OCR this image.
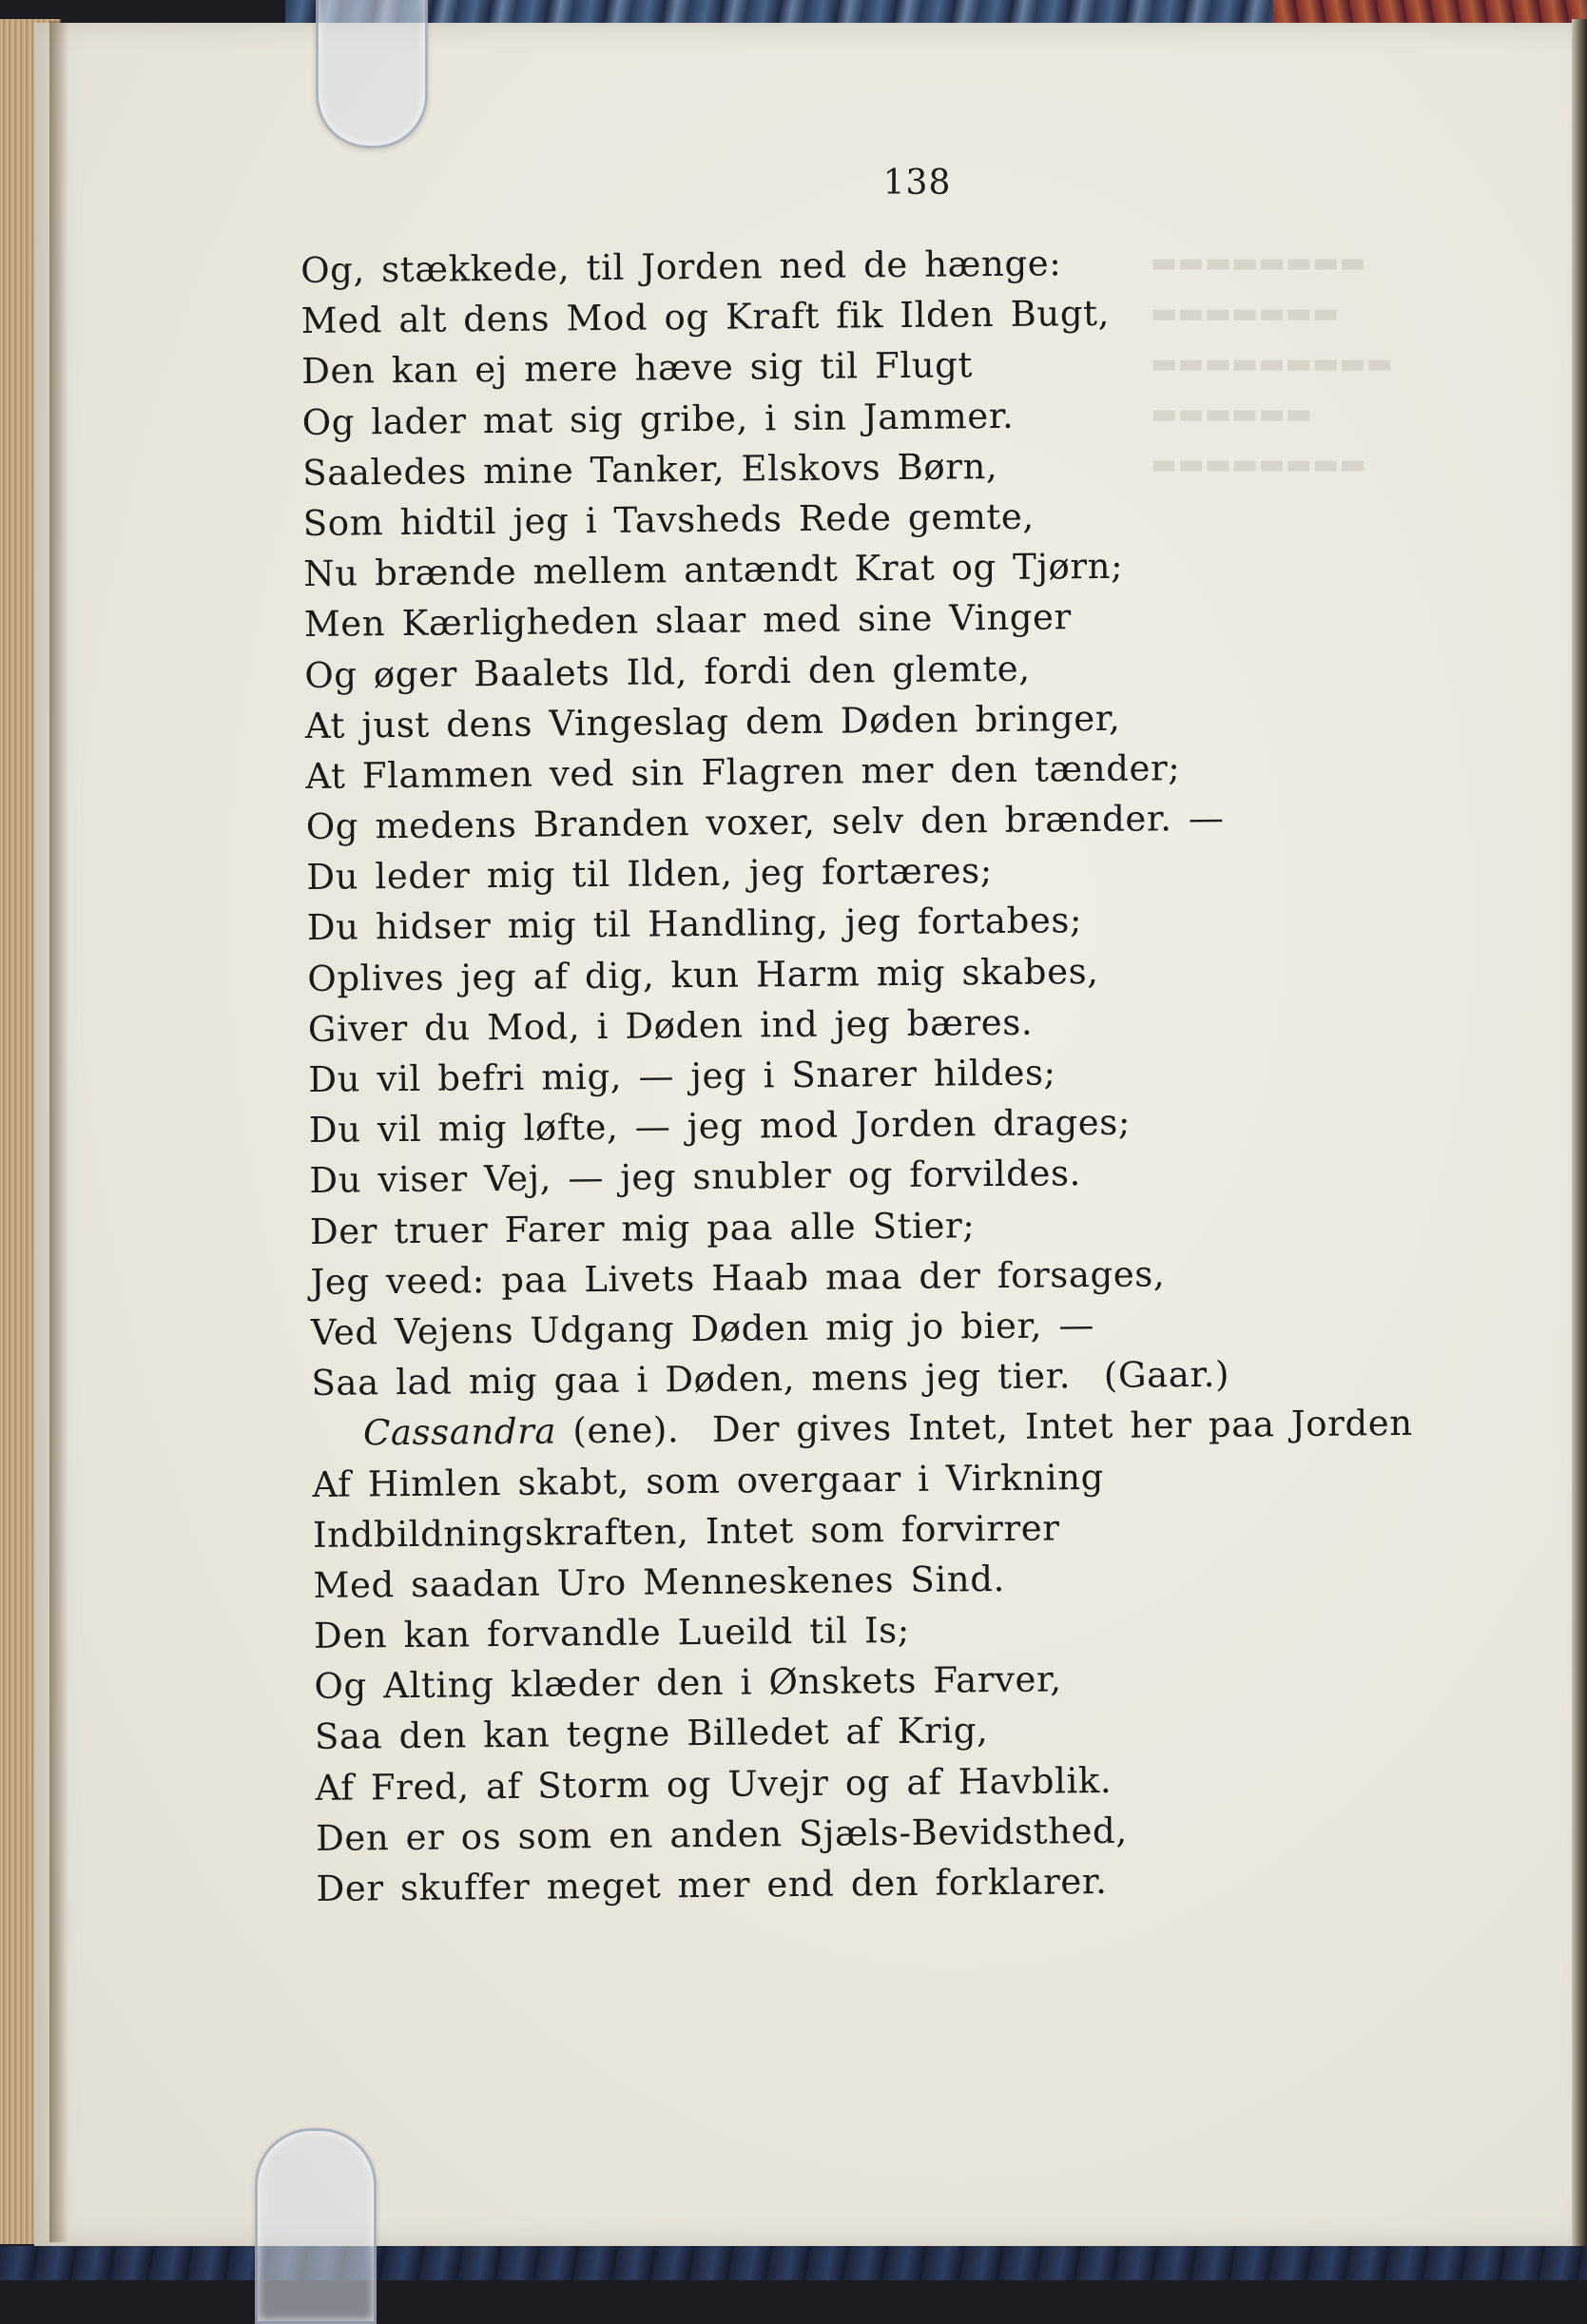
▬▬▬▬▬▬▬▬
▬▬▬▬▬▬▬
▬▬▬▬▬▬▬▬▬
▬▬▬▬▬▬
▬▬▬▬▬▬▬▬
138
Og, stækkede, til Jorden ned de hænge:
Med alt dens Mod og Kraft fik Ilden Bugt,
Den kan ej mere hæve sig til Flugt
Og lader mat sig gribe, i sin Jammer.
Saaledes mine Tanker, Elskovs Børn,
Som hidtil jeg i Tavsheds Rede gemte,
Nu brænde mellem antændt Krat og Tjørn;
Men Kærligheden slaar med sine Vinger
Og øger Baalets Ild, fordi den glemte,
At just dens Vingeslag dem Døden bringer,
At Flammen ved sin Flagren mer den tænder;
Og medens Branden voxer, selv den brænder. —
Du leder mig til Ilden, jeg fortæres;
Du hidser mig til Handling, jeg fortabes;
Oplives jeg af dig, kun Harm mig skabes,
Giver du Mod, i Døden ind jeg bæres.
Du vil befri mig, — jeg i Snarer hildes;
Du vil mig løfte, — jeg mod Jorden drages;
Du viser Vej, — jeg snubler og forvildes.
Der truer Farer mig paa alle Stier;
Jeg veed: paa Livets Haab maa der forsages,
Ved Vejens Udgang Døden mig jo bier, —
Saa lad mig gaa i Døden, mens jeg tier. (Gaar.)
Cassandra (ene). Der gives Intet, Intet her paa Jorden
Af Himlen skabt, som overgaar i Virkning
Indbildningskraften, Intet som forvirrer
Med saadan Uro Menneskenes Sind.
Den kan forvandle Lueild til Is;
Og Alting klæder den i Ønskets Farver,
Saa den kan tegne Billedet af Krig,
Af Fred, af Storm og Uvejr og af Havblik.
Den er os som en anden Sjæls-Bevidsthed,
Der skuffer meget mer end den forklarer.
